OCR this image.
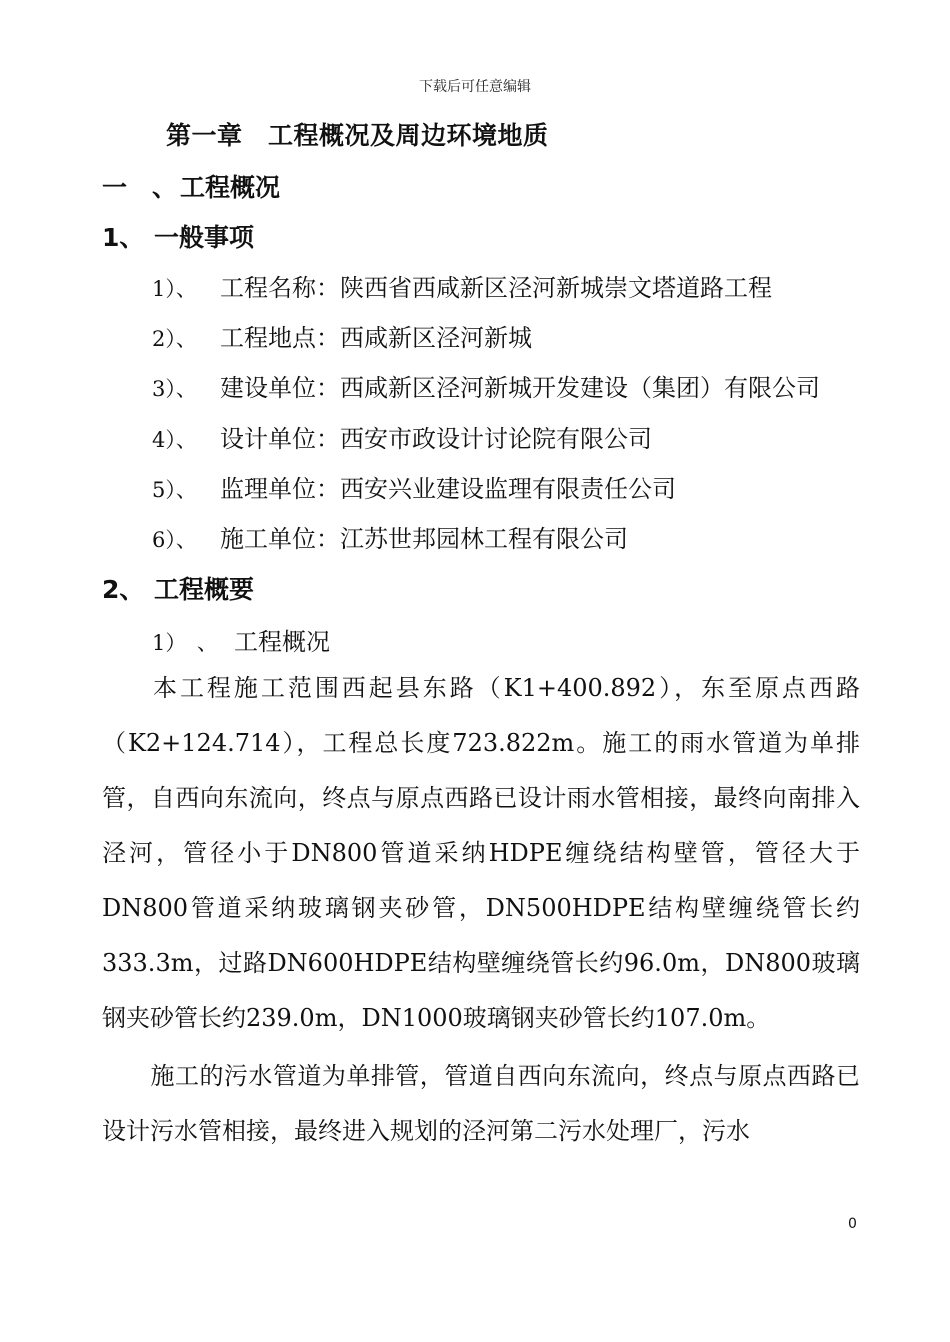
下载后可任意编辑
第一章　工程概况及周边环境地质
一　、 工程概况
1、 一般事项
1）、 工程名称：陕西省西咸新区泾河新城崇文塔道路工程
2）、 工程地点：西咸新区泾河新城
3）、 建设单位：西咸新区泾河新城开发建设（集团）有限公司
4）、 设计单位：西安市政设计讨论院有限公司
5）、 监理单位：西安兴业建设监理有限责任公司
6）、 施工单位：江苏世邦园林工程有限公司
2、 工程概要
1）　、 工程概况
本工程施工范围西起县东路（K1+400.892），东至原点西路（K2+124.714），工程总长度723.822m。施工的雨水管道为单排管，自西向东流向，终点与原点西路已设计雨水管相接，最终向南排入泾河，管径小于DN800管道采纳HDPE缠绕结构壁管，管径大于DN800管道采纳玻璃钢夹砂管，DN500HDPE结构壁缠绕管长约333.3m，过路DN600HDPE结构壁缠绕管长约96.0m，DN800玻璃钢夹砂管长约239.0m，DN1000玻璃钢夹砂管长约107.0m。
施工的污水管道为单排管，管道自西向东流向，终点与原点西路已设计污水管相接，最终进入规划的泾河第二污水处理厂，污水
0
